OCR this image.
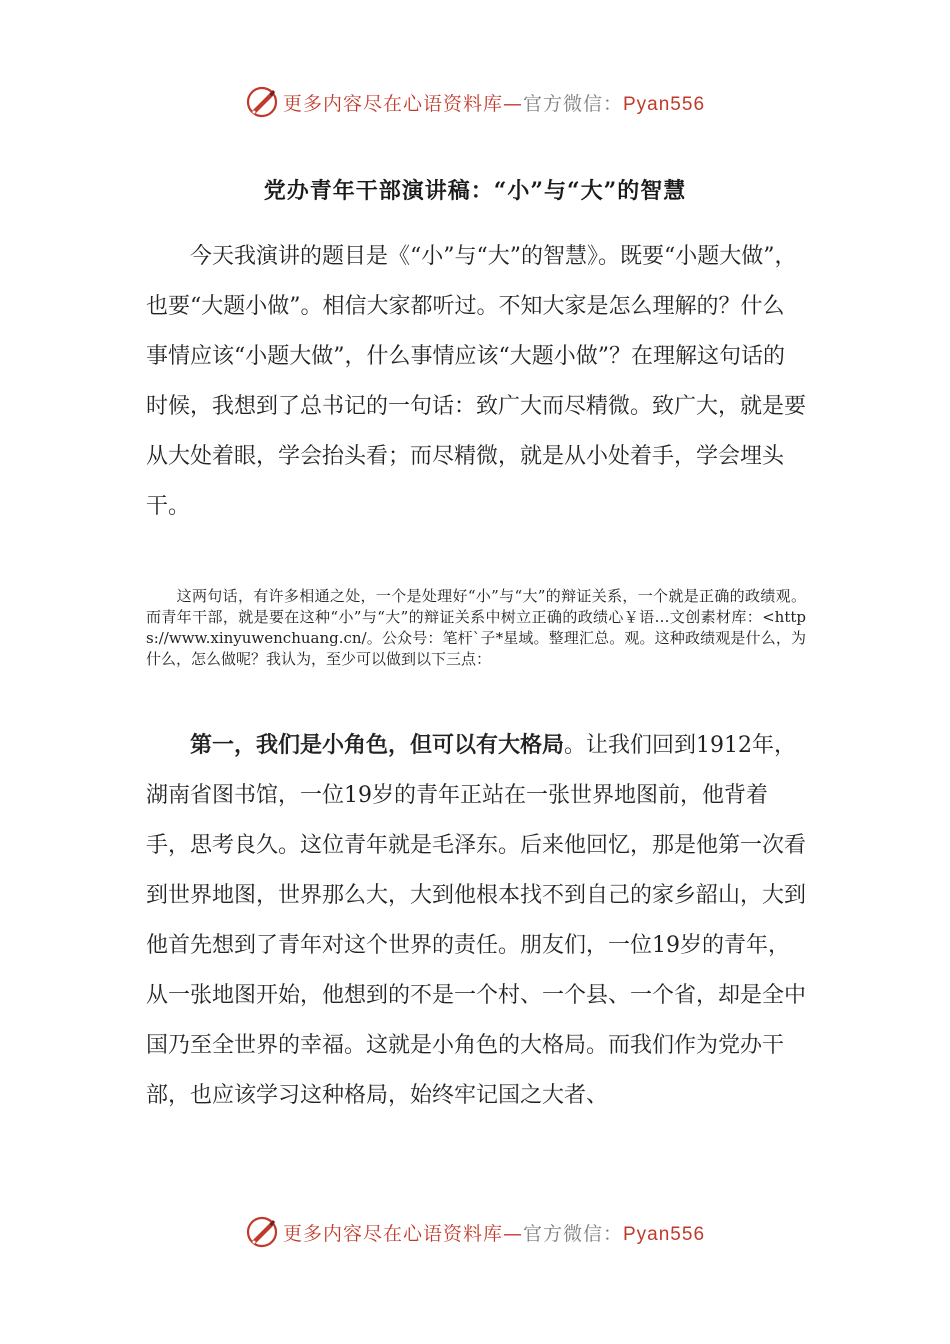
更多内容尽在心语资料库—官方微信：Pyan556
党办青年干部演讲稿：“小”与“大”的智慧

　　今天我演讲的题目是《“小”与“大”的智慧》。既要“小题大做”，也要“大题小做”。相信大家都听过。不知大家是怎么理解的？什么事情应该“小题大做”，什么事情应该“大题小做”？在理解这句话的时候，我想到了总书记的一句话：致广大而尽精微。致广大，就是要从大处着眼，学会抬头看；而尽精微，就是从小处着手，学会埋头干。

　　这两句话，有许多相通之处，一个是处理好“小”与“大”的辩证关系，一个就是正确的政绩观。而青年干部，就是要在这种“小”与“大”的辩证关系中树立正确的政绩心￥语…文创素材库：<https://www.xinyuwenchuang.cn/。公众号：笔杆`子*星域。整理汇总。观。这种政绩观是什么，为什么，怎么做呢？我认为，至少可以做到以下三点：

　　第一，我们是小角色，但可以有大格局。让我们回到1912年，湖南省图书馆，一位19岁的青年正站在一张世界地图前，他背着手，思考良久。这位青年就是毛泽东。后来他回忆，那是他第一次看到世界地图，世界那么大，大到他根本找不到自己的家乡韶山，大到他首先想到了青年对这个世界的责任。朋友们，一位19岁的青年，从一张地图开始，他想到的不是一个村、一个县、一个省，却是全中国乃至全世界的幸福。这就是小角色的大格局。而我们作为党办干部，也应该学习这种格局，始终牢记国之大者、

更多内容尽在心语资料库—官方微信：Pyan556
